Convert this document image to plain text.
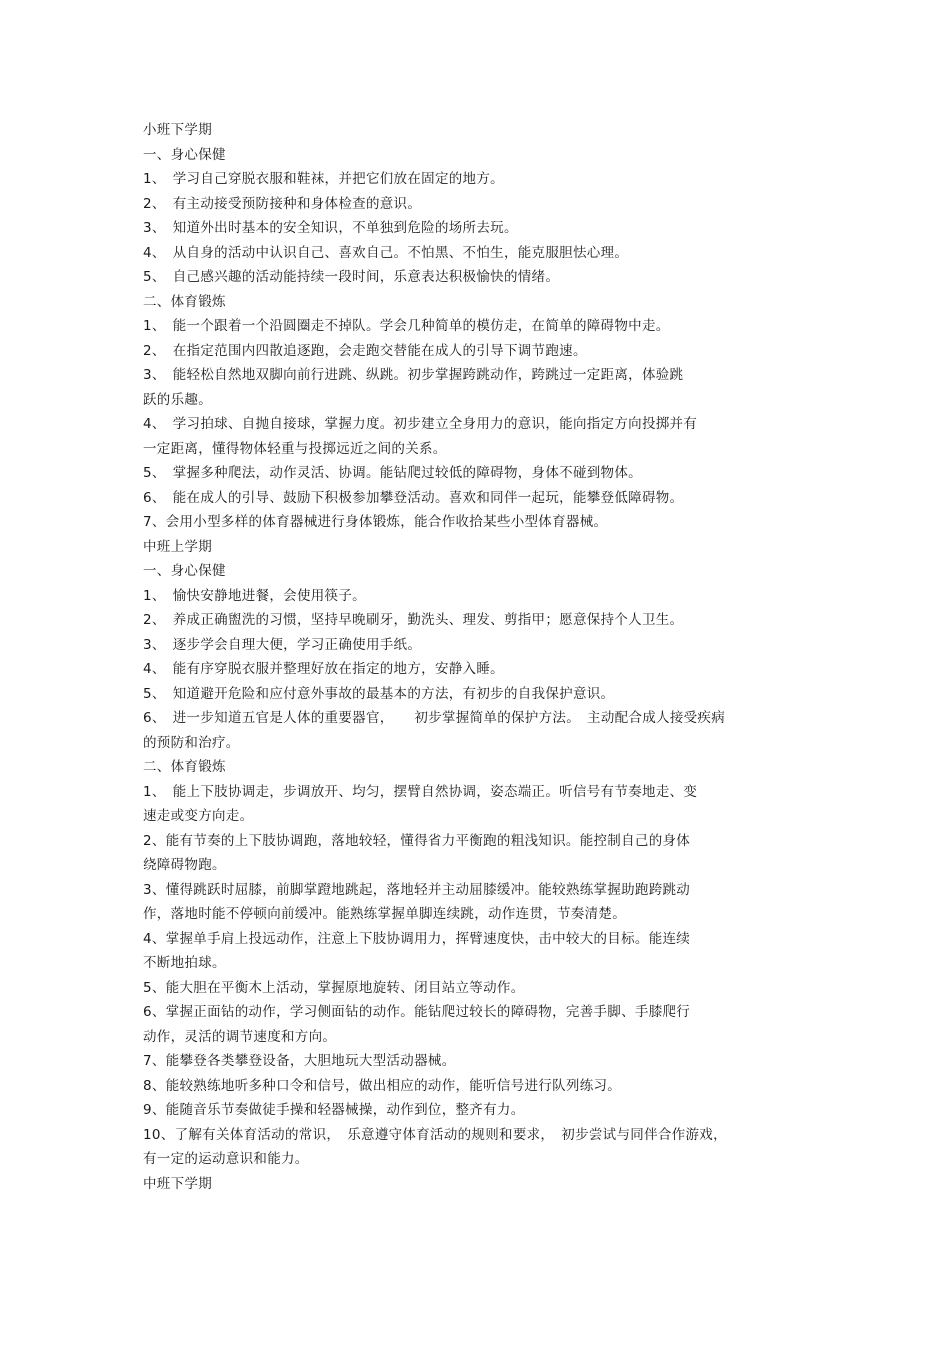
小班下学期
一、身心保健
1、　学习自己穿脱衣服和鞋袜，并把它们放在固定的地方。
2、　有主动接受预防接种和身体检查的意识。
3、　知道外出时基本的安全知识，不单独到危险的场所去玩。
4、　从自身的活动中认识自己、喜欢自己。不怕黑、不怕生，能克服胆怯心理。
5、　自己感兴趣的活动能持续一段时间，乐意表达积极愉快的情绪。
二、体育锻炼
1、　能一个跟着一个沿圆圈走不掉队。学会几种简单的模仿走，在简单的障碍物中走。
2、　在指定范围内四散追逐跑，会走跑交替能在成人的引导下调节跑速。
3、　能轻松自然地双脚向前行进跳、纵跳。初步掌握跨跳动作，跨跳过一定距离，体验跳
跃的乐趣。
4、　学习拍球、自抛自接球，掌握力度。初步建立全身用力的意识，能向指定方向投掷并有
一定距离，懂得物体轻重与投掷远近之间的关系。
5、　掌握多种爬法，动作灵活、协调。能钻爬过较低的障碍物，身体不碰到物体。
6、　能在成人的引导、鼓励下积极参加攀登活动。喜欢和同伴一起玩，能攀登低障碍物。
7、会用小型多样的体育器械进行身体锻炼，能合作收拾某些小型体育器械。
中班上学期
一、身心保健
1、　愉快安静地进餐，会使用筷子。
2、　养成正确盥洗的习惯，坚持早晚刷牙，勤洗头、理发、剪指甲；愿意保持个人卫生。
3、　逐步学会自理大便，学习正确使用手纸。
4、　能有序穿脱衣服并整理好放在指定的地方，安静入睡。
5、　知道避开危险和应付意外事故的最基本的方法，有初步的自我保护意识。
6、　进一步知道五官是人体的重要器官，　　初步掌握简单的保护方法。　主动配合成人接受疾病
的预防和治疗。
二、体育锻炼
1、　能上下肢协调走，步调放开、均匀，摆臂自然协调，姿态端正。听信号有节奏地走、变
速走或变方向走。
2、能有节奏的上下肢协调跑，落地较轻，懂得省力平衡跑的粗浅知识。能控制自己的身体
绕障碍物跑。
3、懂得跳跃时屈膝，前脚掌蹬地跳起，落地轻并主动屈膝缓冲。能较熟练掌握助跑跨跳动
作，落地时能不停顿向前缓冲。能熟练掌握单脚连续跳，动作连贯，节奏清楚。
4、掌握单手肩上投远动作，注意上下肢协调用力，挥臂速度快，击中较大的目标。能连续
不断地拍球。
5、能大胆在平衡木上活动，掌握原地旋转、闭目站立等动作。
6、掌握正面钻的动作，学习侧面钻的动作。能钻爬过较长的障碍物，完善手脚、手膝爬行
动作，灵活的调节速度和方向。
7、能攀登各类攀登设备，大胆地玩大型活动器械。
8、能较熟练地听多种口令和信号，做出相应的动作，能听信号进行队列练习。
9、能随音乐节奏做徒手操和轻器械操，动作到位，整齐有力。
10、了解有关体育活动的常识，　乐意遵守体育活动的规则和要求，　初步尝试与同伴合作游戏，
有一定的运动意识和能力。
中班下学期
